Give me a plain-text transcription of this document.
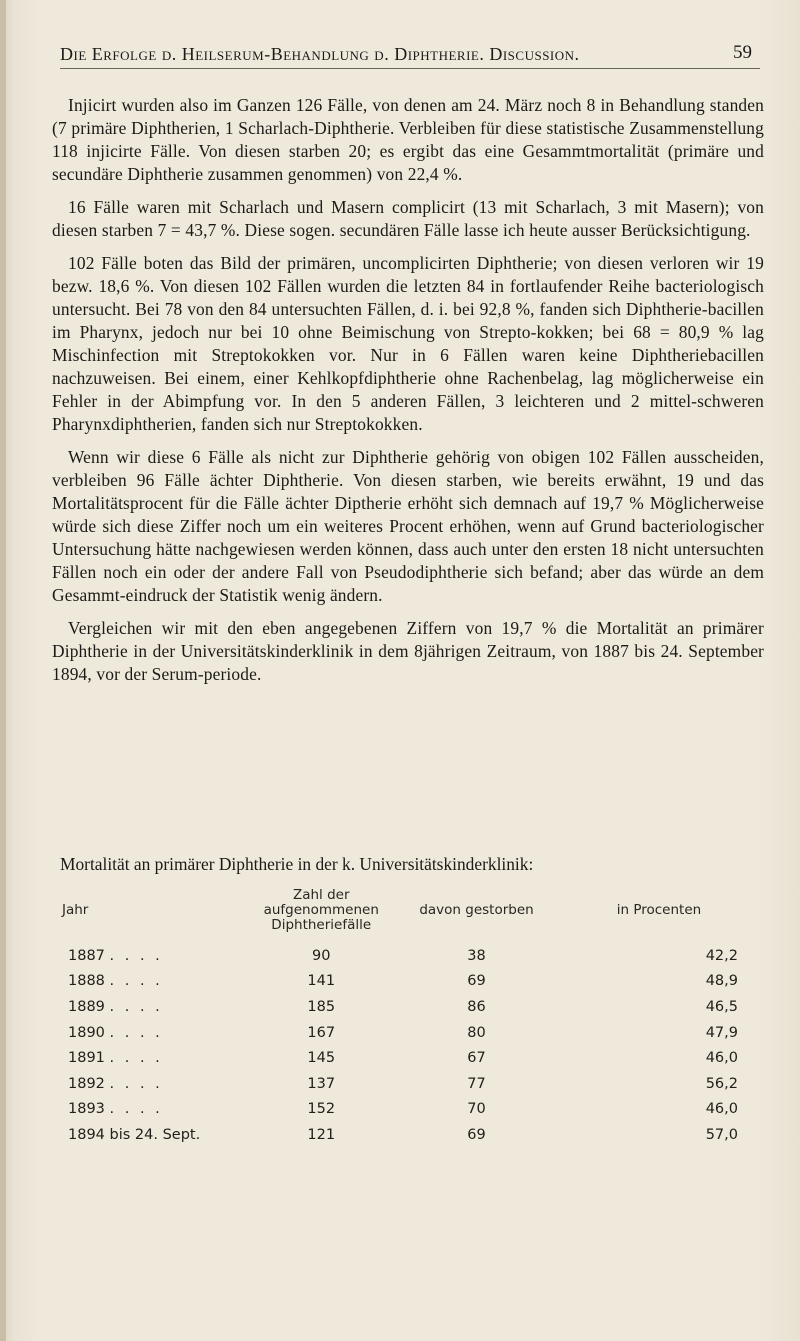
Die Erfolge d. Heilserum-Behandlung d. Diphtherie. Discussion.	59

Injicirt wurden also im Ganzen 126 Fälle, von denen am 24. März noch 8 in Behandlung standen (7 primäre Diphtherien, 1 Scharlach-Diphtherie. Verbleiben für diese statistische Zusammenstellung 118 injicirte Fälle. Von diesen starben 20; es ergibt das eine Gesammtmortalität (primäre und secundäre Diphtherie zusammen genommen) von 22,4 %.

16 Fälle waren mit Scharlach und Masern complicirt (13 mit Scharlach, 3 mit Masern); von diesen starben 7 = 43,7 %. Diese sogen. secundären Fälle lasse ich heute ausser Berücksichtigung.

102 Fälle boten das Bild der primären, uncomplicirten Diphtherie; von diesen verloren wir 19 bezw. 18,6 %. Von diesen 102 Fällen wurden die letzten 84 in fortlaufender Reihe bacteriologisch untersucht. Bei 78 von den 84 untersuchten Fällen, d. i. bei 92,8 %, fanden sich Diphtherie-bacillen im Pharynx, jedoch nur bei 10 ohne Beimischung von Strepto-kokken; bei 68 = 80,9 % lag Mischinfection mit Streptokokken vor. Nur in 6 Fällen waren keine Diphtheriebacillen nachzuweisen. Bei einem, einer Kehlkopfdiphtherie ohne Rachenbelag, lag möglicherweise ein Fehler in der Abimpfung vor. In den 5 anderen Fällen, 3 leichteren und 2 mittel-schweren Pharynxdiphtherien, fanden sich nur Streptokokken.

Wenn wir diese 6 Fälle als nicht zur Diphtherie gehörig von obigen 102 Fällen ausscheiden, verbleiben 96 Fälle ächter Diphtherie. Von diesen starben, wie bereits erwähnt, 19 und das Mortalitätsprocent für die Fälle ächter Diptherie erhöht sich demnach auf 19,7 % Möglicherweise würde sich diese Ziffer noch um ein weiteres Procent erhöhen, wenn auf Grund bacteriologischer Untersuchung hätte nachgewiesen werden können, dass auch unter den ersten 18 nicht untersuchten Fällen noch ein oder der andere Fall von Pseudodiphtherie sich befand; aber das würde an dem Gesammt-eindruck der Statistik wenig ändern.

Vergleichen wir mit den eben angegebenen Ziffern von 19,7 % die Mortalität an primärer Diphtherie in der Universitätskinderklinik in dem 8jährigen Zeitraum, von 1887 bis 24. September 1894, vor der Serum-periode.

Mortalität an primärer Diphtherie in der k. Universitätskinderklinik:
Jahr	Zahl der aufgenommenen Diphtheriefälle	davon gestorben	in Procenten
1887 . . . .	90	38	42,2
1888 . . . .	141	69	48,9
1889 . . . .	185	86	46,5
1890 . . . .	167	80	47,9
1891 . . . .	145	67	46,0
1892 . . . .	137	77	56,2
1893 . . . .	152	70	46,0
1894 bis 24. Sept.	121	69	57,0
